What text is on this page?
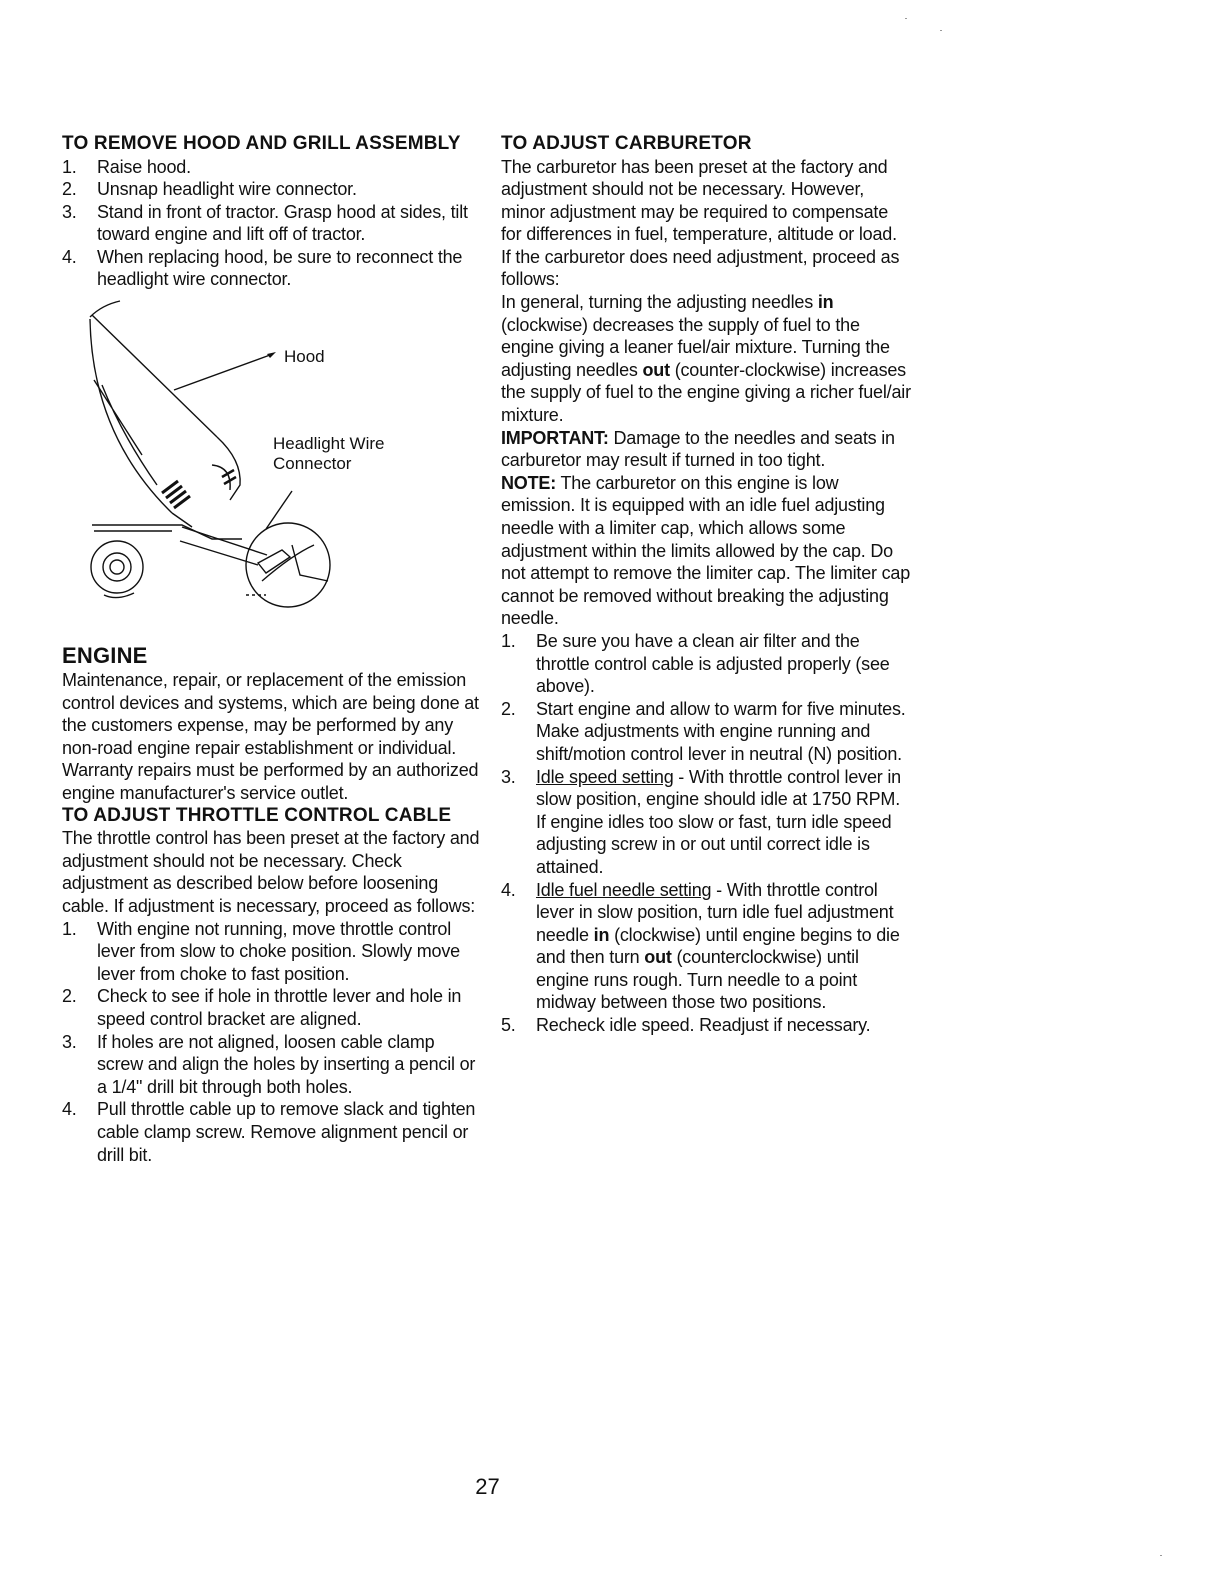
TO REMOVE HOOD AND GRILL ASSEMBLY
1. Raise hood.
2. Unsnap headlight wire connector.
3. Stand in front of tractor. Grasp hood at sides, tilt toward engine and lift off of tractor.
4. When replacing hood, be sure to reconnect the headlight wire connector.
Hood
Headlight Wire
Connector
ENGINE

Maintenance, repair, or replacement of the emission control devices and systems, which are being done at the customers expense, may be performed by any non-road engine repair establishment or individual. Warranty repairs must be performed by an authorized engine manufacturer's service outlet.

TO ADJUST THROTTLE CONTROL CABLE

The throttle control has been preset at the factory and adjustment should not be necessary. Check adjustment as described below before loosening cable. If adjustment is necessary, proceed as follows:

1. With engine not running, move throttle control lever from slow to choke position. Slowly move lever from choke to fast position.
2. Check to see if hole in throttle lever and hole in speed control bracket are aligned.
3. If holes are not aligned, loosen cable clamp screw and align the holes by inserting a pencil or a 1/4" drill bit through both holes.
4. Pull throttle cable up to remove slack and tighten cable clamp screw. Remove alignment pencil or drill bit.
TO ADJUST CARBURETOR

The carburetor has been preset at the factory and adjustment should not be necessary. However, minor adjustment may be required to compensate for differences in fuel, temperature, altitude or load. If the carburetor does need adjustment, proceed as follows:

In general, turning the adjusting needles in (clockwise) decreases the supply of fuel to the engine giving a leaner fuel/air mixture. Turning the adjusting needles out (counter-clockwise) increases the supply of fuel to the engine giving a richer fuel/air mixture.

IMPORTANT: Damage to the needles and seats in carburetor may result if turned in too tight.

NOTE: The carburetor on this engine is low emission. It is equipped with an idle fuel adjusting needle with a limiter cap, which allows some adjustment within the limits allowed by the cap. Do not attempt to remove the limiter cap. The limiter cap cannot be removed without breaking the adjusting needle.

1. Be sure you have a clean air filter and the throttle control cable is adjusted properly (see above).
2. Start engine and allow to warm for five minutes. Make adjustments with engine running and shift/motion control lever in neutral (N) position.
3. Idle speed setting - With throttle control lever in slow position, engine should idle at 1750 RPM. If engine idles too slow or fast, turn idle speed adjusting screw in or out until correct idle is attained.
4. Idle fuel needle setting - With throttle control lever in slow position, turn idle fuel adjustment needle in (clockwise) until engine begins to die and then turn out (counterclockwise) until engine runs rough. Turn needle to a point midway between those two positions.
5. Recheck idle speed. Readjust if necessary.
27
